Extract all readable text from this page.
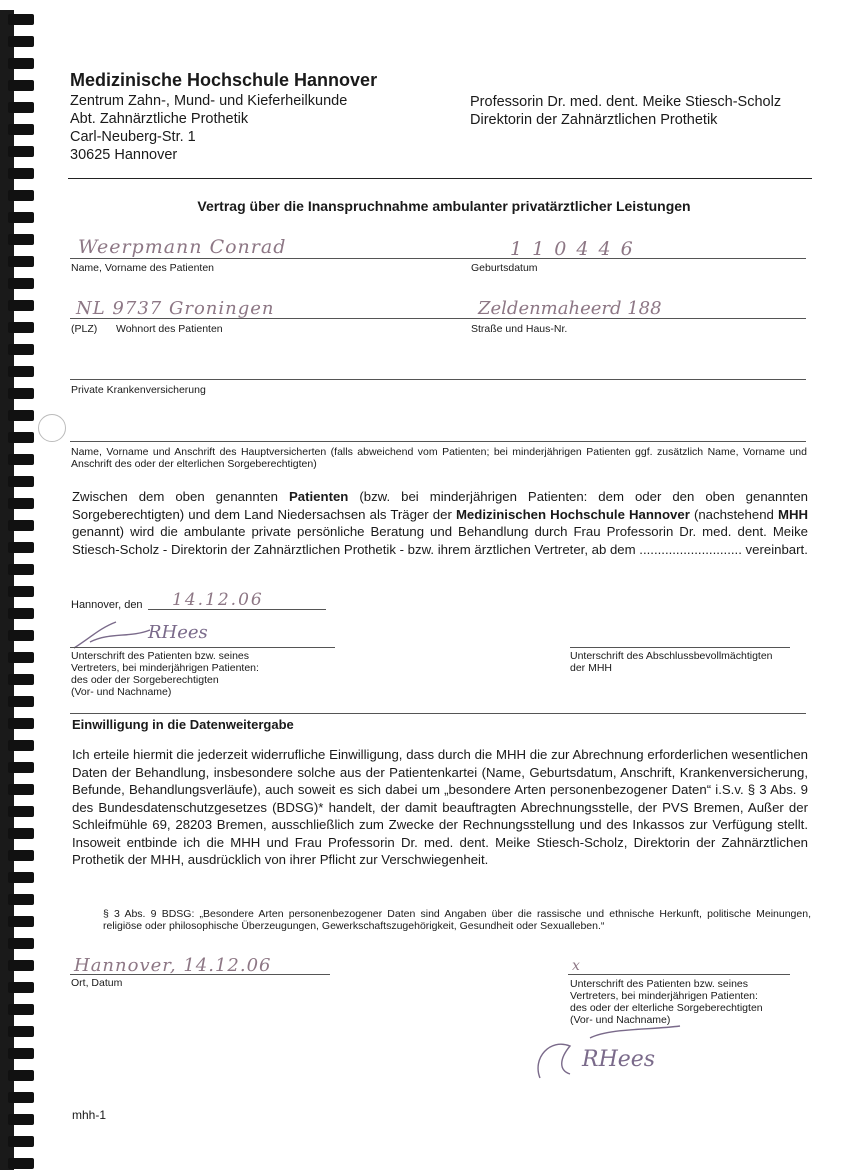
Medizinische Hochschule Hannover
Zentrum Zahn-, Mund- und Kieferheilkunde
Abt. Zahnärztliche Prothetik
Carl-Neuberg-Str. 1
30625 Hannover
Professorin Dr. med. dent. Meike Stiesch-Scholz
Direktorin der Zahnärztlichen Prothetik
Vertrag über die Inanspruchnahme ambulanter privatärztlicher Leistungen
Weerpmann Conrad
Name, Vorname des Patienten
1 1 0 4 4 6
Geburtsdatum
NL 9737 Groningen
(PLZ) Wohnort des Patienten
Zeldenmaheerd 188
Straße und Haus-Nr.
Private Krankenversicherung
Name, Vorname und Anschrift des Hauptversicherten (falls abweichend vom Patienten; bei minderjährigen Patienten ggf. zusätzlich Name, Vorname und Anschrift des oder der elterlichen Sorgeberechtigten)
Zwischen dem oben genannten Patienten (bzw. bei minderjährigen Patienten: dem oder den oben genannten Sorgeberechtigten) und dem Land Niedersachsen als Träger der Medizinischen Hochschule Hannover (nachstehend MHH genannt) wird die ambulante private persönliche Beratung und Behandlung durch Frau Professorin Dr. med. dent. Meike Stiesch-Scholz - Direktorin der Zahnärztlichen Prothetik - bzw. ihrem ärztlichen Vertreter, ab dem ............................ vereinbart.
Hannover, den 14.12.06
RHees
Unterschrift des Patienten bzw. seines
Vertreters, bei minderjährigen Patienten:
des oder der Sorgeberechtigten
(Vor- und Nachname)
Unterschrift des Abschlussbevollmächtigten
der MHH
Einwilligung in die Datenweitergabe
Ich erteile hiermit die jederzeit widerrufliche Einwilligung, dass durch die MHH die zur Abrechnung erforderlichen wesentlichen Daten der Behandlung, insbesondere solche aus der Patientenkartei (Name, Geburtsdatum, Anschrift, Krankenversicherung, Befunde, Behandlungsverläufe), auch soweit es sich dabei um „besondere Arten personenbezogener Daten“ i.S.v. § 3 Abs. 9 des Bundesdatenschutzgesetzes (BDSG)* handelt, der damit beauftragten Abrechnungsstelle, der PVS Bremen, Außer der Schleifmühle 69, 28203 Bremen, ausschließlich zum Zwecke der Rechnungsstellung und des Inkassos zur Verfügung stellt. Insoweit entbinde ich die MHH und Frau Professorin Dr. med. dent. Meike Stiesch-Scholz, Direktorin der Zahnärztlichen Prothetik der MHH, ausdrücklich von ihrer Pflicht zur Verschwiegenheit.
§ 3 Abs. 9 BDSG: „Besondere Arten personenbezogener Daten sind Angaben über die rassische und ethnische Herkunft, politische Meinungen, religiöse oder philosophische Überzeugungen, Gewerkschaftszugehörigkeit, Gesundheit oder Sexualleben.“
Hannover, 14.12.06
Ort, Datum
x
Unterschrift des Patienten bzw. seines
Vertreters, bei minderjährigen Patienten:
des oder der elterliche Sorgeberechtigten
(Vor- und Nachname)
RHees
mhh-1
